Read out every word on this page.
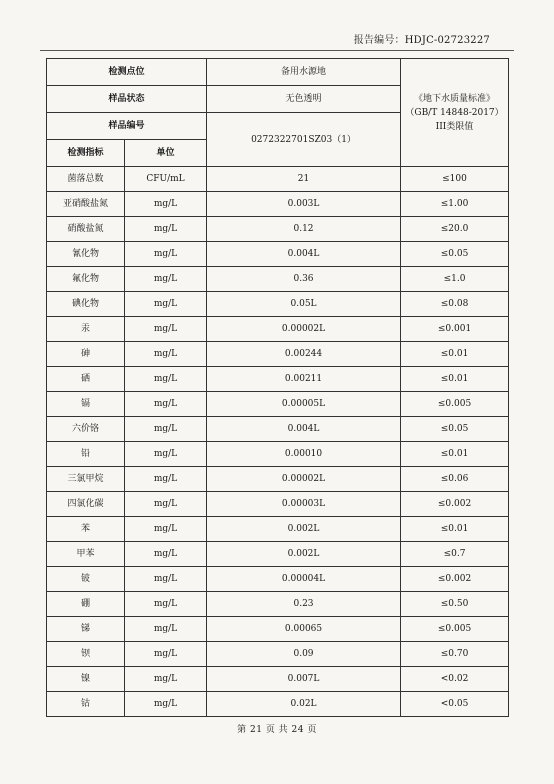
报告编号：HDJC-02723227
检测点位		备用水源地	《地下水质量标准》
（GB/T 14848-2017）
III类限值

样品状态		无色透明	
样品编号		0272322701SZ03（1）	
检测指标	单位		
菌落总数	CFU/mL	21	≤100
亚硝酸盐氮	mg/L	0.003L	≤1.00
硝酸盐氮	mg/L	0.12	≤20.0
氰化物	mg/L	0.004L	≤0.05
氟化物	mg/L	0.36	≤1.0
碘化物	mg/L	0.05L	≤0.08
汞	mg/L	0.00002L	≤0.001
砷	mg/L	0.00244	≤0.01
硒	mg/L	0.00211	≤0.01
镉	mg/L	0.00005L	≤0.005
六价铬	mg/L	0.004L	≤0.05
铅	mg/L	0.00010	≤0.01
三氯甲烷	mg/L	0.00002L	≤0.06
四氯化碳	mg/L	0.00003L	≤0.002
苯	mg/L	0.002L	≤0.01
甲苯	mg/L	0.002L	≤0.7
铍	mg/L	0.00004L	≤0.002
硼	mg/L	0.23	≤0.50
锑	mg/L	0.00065	≤0.005
钡	mg/L	0.09	≤0.70
镍	mg/L	0.007L	<0.02
钴	mg/L	0.02L	<0.05
第 21 页 共 24 页
